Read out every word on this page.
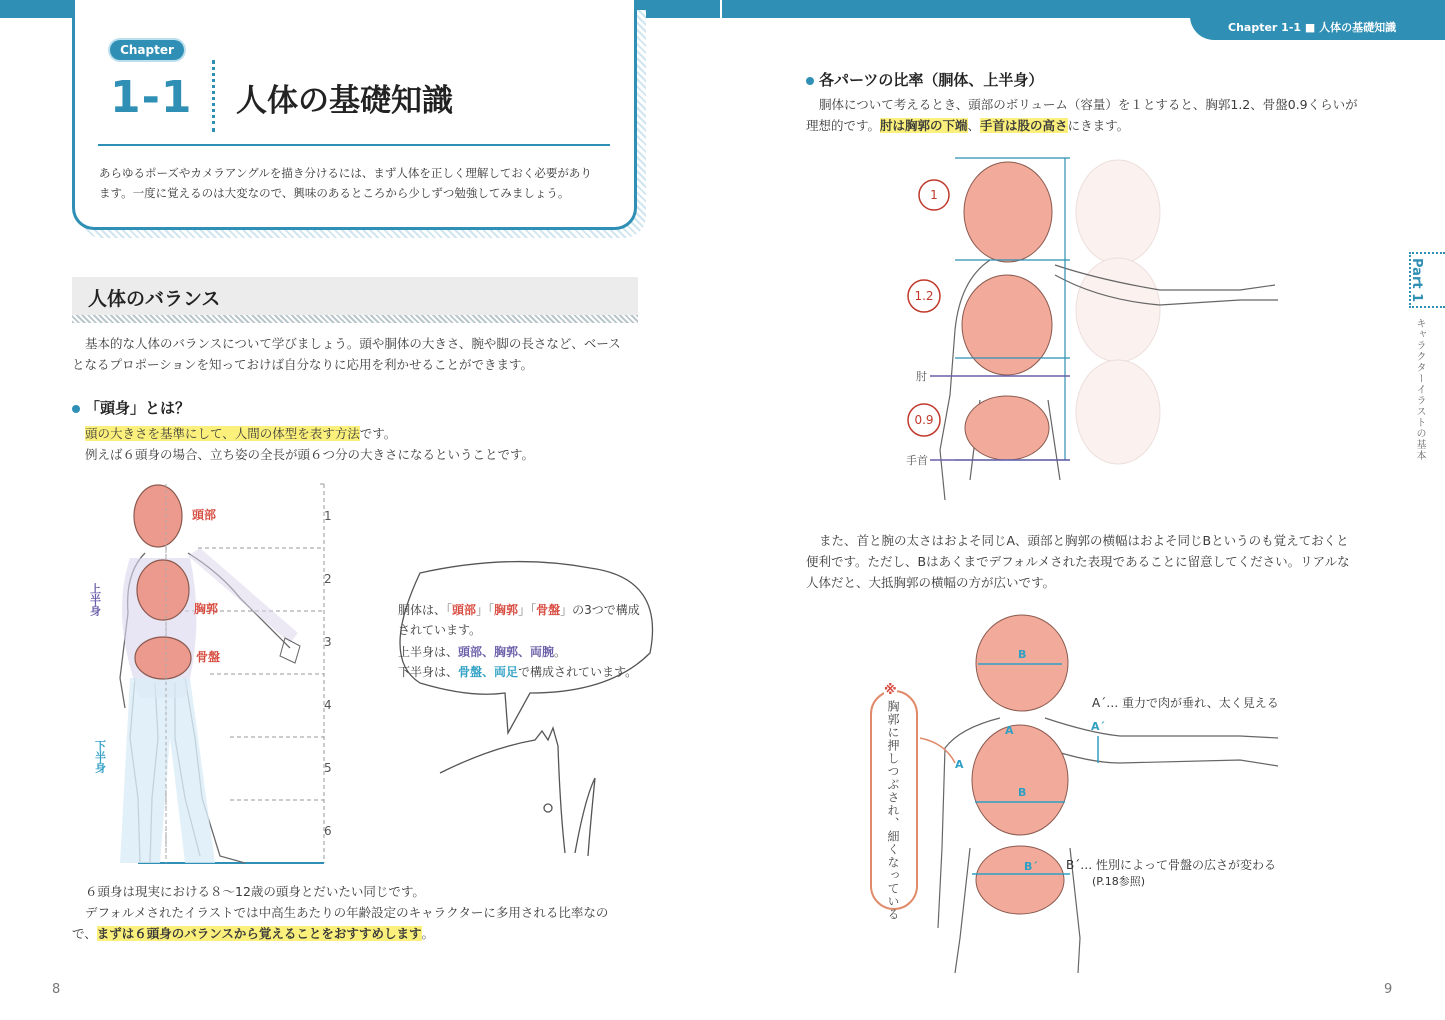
Chapter 1-1 ■ 人体の基礎知識
Chapter
1-1 人体の基礎知識
あらゆるポーズやカメラアングルを描き分けるには、まず人体を正しく理解しておく必要があり
ます。一度に覚えるのは大変なので、興味のあるところから少しずつ勉強してみましょう。
人体のバランス
基本的な人体のバランスについて学びましょう。頭や胴体の大きさ、腕や脚の長さなど、ベース
となるプロポーションを知っておけば自分なりに応用を利かせることができます。
「頭身」とは？
頭の大きさを基準にして、人間の体型を表す方法です。
例えば６頭身の場合、立ち姿の全長が頭６つ分の大きさになるということです。
頭部
胸郭
骨盤
上半身
下半身
1
2
3
4
5
6
胴体は、「頭部」「胸郭」「骨盤」の3つで構成
されています。
上半身は、頭部、胸郭、両腕。
下半身は、骨盤、両足で構成されています。
６頭身は現実における８～12歳の頭身とだいたい同じです。
デフォルメされたイラストでは中高生あたりの年齢設定のキャラクターに多用される比率なの
で、まずは６頭身のバランスから覚えることをおすすめします。
8
各パーツの比率（胴体、上半身）
胴体について考えるとき、頭部のボリューム（容量）を１とすると、胸郭1.2、骨盤0.9くらいが
理想的です。肘は胸郭の下端、手首は股の高さにきます。
1
1.2
0.9
肘
手首
また、首と腕の太さはおよそ同じA、頭部と胸郭の横幅はおよそ同じBというのも覚えておくと
便利です。ただし、Bはあくまでデフォルメされた表現であることに留意してください。リアルな
人体だと、大抵胸郭の横幅の方が広いです。
B
B
B´
A
A
A´
※
胸郭に押しつぶされ、細くなっている	A´… 重力で肉が垂れ、太く見える
B´… 性別によって骨盤の広さが変わる
(P.18参照)
Part 1
キャラクターイラストの基本
9
